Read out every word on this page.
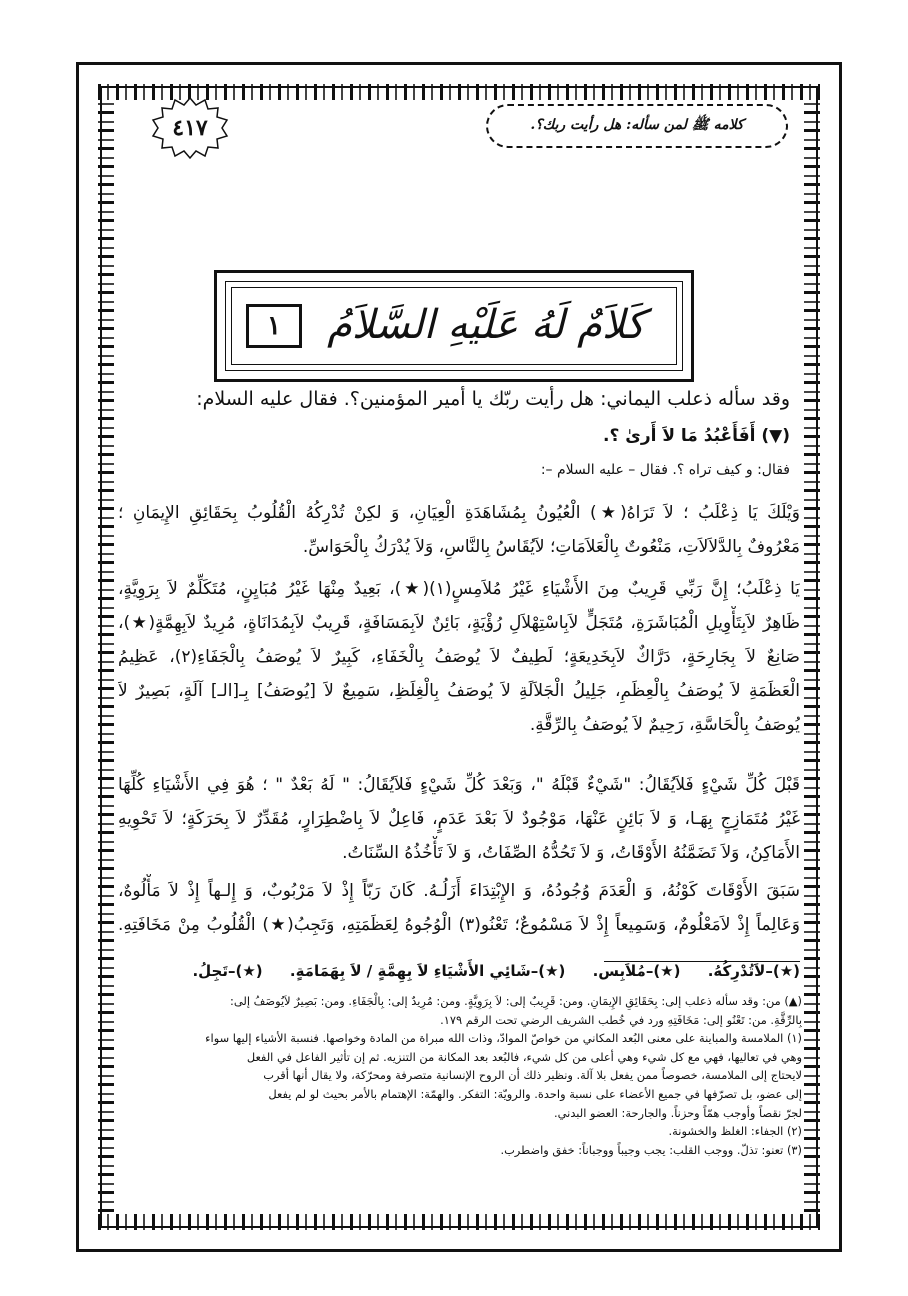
كلامه ﷺ لمن سأله: هل رأيت ربك؟.
٤١٧
١	كَلاَمٌ لَهُ عَلَيْهِ السَّلاَمُ
وقد سأله ذعلب اليماني: هل رأيت ربّك يا أمير المؤمنين؟. فقال عليه السلام:
(▼) أَفَأَعْبُدُ مَا لاَ أَرىٰ ؟.
فقال: و كيف تراه ؟. فقال – عليه السلام –:
وَيْلَكَ يَا ذِعْلَبُ ؛ لاَ تَرَاهُ(★) الْعُيُونُ بِمُشَاهَدَةِ الْعِيَانِ، وَ لكِنْ تُدْرِكُهُ الْقُلُوبُ بِحَقَائِقِ الإِيمَانِ ؛
مَعْرُوفٌ بِالدَّلاَلاَتِ، مَنْعُوتٌ بِالْعَلاَمَاتِ؛ لاَيُقَاسُ بِالنَّاسِ، وَلاَ يُدْرَكُ بِالْحَوَاسِّ.
يَا ذِعْلَبُ؛ إِنَّ رَبِّي قَرِيبٌ مِنَ الأَشْيَاءِ غَيْرُ مُلاَمِسٍ(١)(★)، بَعِيدٌ مِنْهَا غَيْرُ مُبَايِنٍ، مُتَكَلِّمٌ لاَ بِرَوِيَّةٍ،
ظَاهِرٌ لاَبِتَأْوِيلِ الْمُبَاشَرَةِ، مُتَجَلٍّ لاَبِاسْتِهْلاَلِ رُؤْيَةٍ، بَائِنٌ لاَبِمَسَافَةٍ، قَرِيبٌ لاَبِمُدَانَاةٍ، مُرِيدٌ لاَبِهِمَّةٍ(★)،
صَانِعٌ لاَ بِجَارِحَةٍ، دَرَّاكٌ لاَبِخَدِيعَةٍ؛ لَطِيفٌ لاَ يُوصَفُ بِالْخَفَاءِ، كَبِيرٌ لاَ يُوصَفُ بِالْجَفَاءِ(٢)، عَظِيمُ
الْعَظَمَةِ لاَ يُوصَفُ بِالْعِظَمِ، جَلِيلُ الْجَلاَلَةِ لاَ يُوصَفُ بِالْغِلَظِ، سَمِيعٌ لاَ [يُوصَفُ] بِـ[الـ] آلَةٍ، بَصِيرٌ لاَ
يُوصَفُ بِالْحَاسَّةِ، رَحِيمٌ لاَ يُوصَفُ بِالرِّقَّةِ.
قَبْلَ كُلِّ شَيْءٍ فَلاَيُقَالُ: "شَيْءٌ قَبْلَهُ "، وَبَعْدَ كُلِّ شَيْءٍ فَلاَيُقَالُ: " لَهُ بَعْدٌ " ؛ هُوَ فِي الأَشْيَاءِ كُلِّهَا
غَيْرُ مُتَمَازِجٍ بِهَـا، وَ لاَ بَائِنٍ عَنْهَا، مَوْجُودٌ لاَ بَعْدَ عَدَمٍ، فَاعِلٌ لاَ بِاضْطِرَارٍ، مُقَدِّرٌ لاَ بِحَرَكَةٍ؛ لاَ تَحْوِيهِ
الأَمَاكِنُ، وَلاَ تَضَمَّنُهُ الأَوْقَاتُ، وَ لاَ تَحُدُّهُ الصِّفَاتُ، وَ لاَ تَأْخُذُهُ السِّنَاتُ.
سَبَقَ الأَوْقَاتَ كَوْنُهُ، وَ الْعَدَمَ وُجُودُهُ، وَ الإِبْتِدَاءَ أَزَلُـهُ. كَانَ رَبّاً إِذْ لاَ مَرْبُوبٌ، وَ إِلـهاً إِذْ لاَ مَأْلُوهٌ،
وَعَالِماً إِذْ لاَمَعْلُومٌ، وَسَمِيعاً إِذْ لاَ مَسْمُوعٌ؛ تَعْنُو(٣) الْوُجُوهُ لِعَظَمَتِهِ، وَتَجِبُ(★) الْقُلُوبُ مِنْ مَخَافَتِهِ.
(★)–لاَتُدْرِكُهُ. (★)–مُلاَبِس. (★)–شَائِي الأَشْيَاءِ لاَ بِهِمَّةٍ / لاَ بِهَمَامَةٍ. (★)–تَجِلُ.
(▲) من: وقد سأله ذعلب إلى: بِحَقَائِقِ الإِيمَانِ. ومن: قَرِيبٌ إلى: لاَ بِرَوِيَّةٍ. ومن: مُرِيدٌ إلى: بِالْجَفَاءِ. ومن: بَصِيرٌ لاَيُوصَفُ إلى:
بِالرِّقَّةِ. من: تَعْنُو إلى: مَخَافَتِهِ ورد في خُطب الشريف الرضي تحت الرقم ١٧٩.
(١) الملامسة والمباينة على معنى البُعد المكاني من خواصّ الموادّ، وذات الله مبراة من المادة وخواصها. فنسبة الأشياء إليها سواء
وهي في تعاليها، فهي مع كل شيء وهي أعلى من كل شيء، فالبُعد بعد المكانة من التنزيه. ثم إن تأثير الفاعل في الفعل
لايحتاج إلى الملامسة، خصوصاً ممن يفعل بلا آلة. ونظير ذلك أن الروح الإنسانية متصرفة ومحرّكة، ولا يقال أنها أقرب
إلى عضو، بل تصرّفها في جميع الأعضاء على نسبة واحدة. والرويّة: التفكر. والهمّة: الإهتمام بالأمر بحيث لو لم يفعل
لجرّ نقصاً وأوجب همّاً وحزناً. والجارحة: العضو البدني.
(٢) الجفاء: الغلظ والخشونة.
(٣) تعنو: تذلّ. ووجب القلب: يجب وجيباً ووجباناً: خفق واضطرب.
